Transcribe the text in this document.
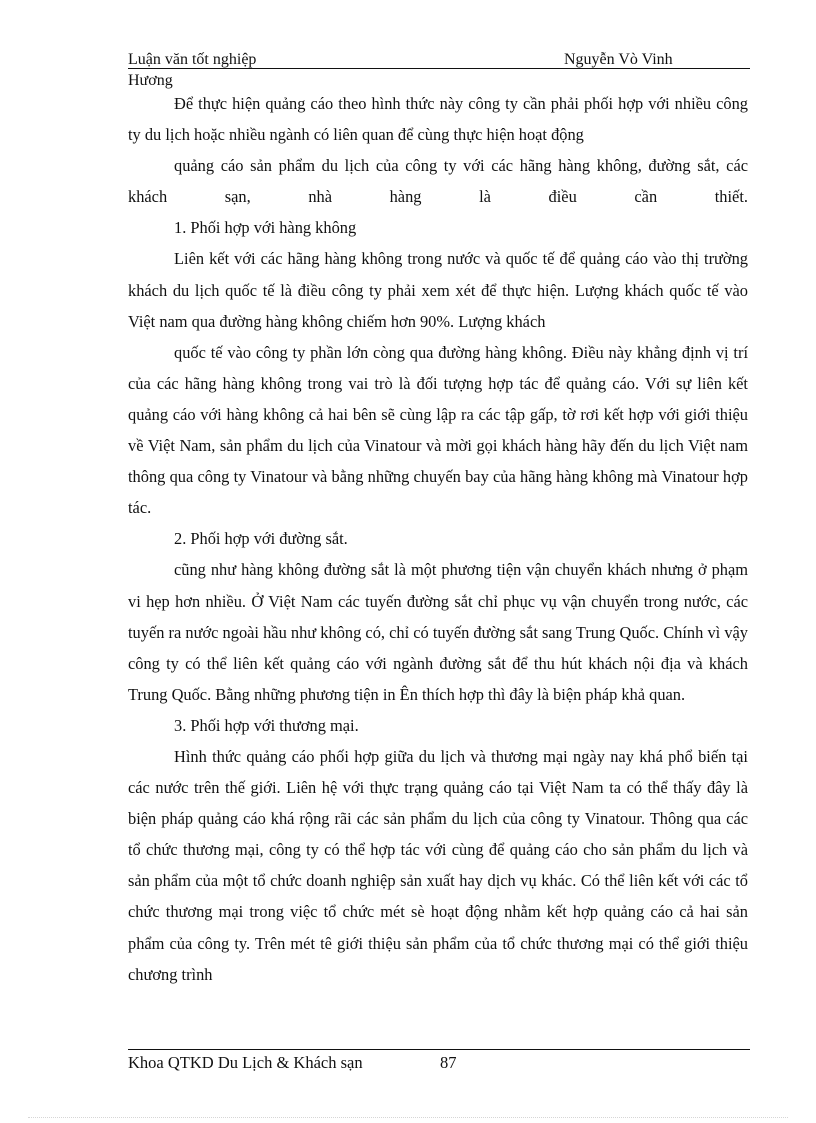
Luận văn tốt nghiệp	Nguyễn Vò Vinh
Hương

Để thực hiện quảng cáo theo hình thức này công ty cần phải phối hợp với nhiều công ty du lịch hoặc nhiều ngành có liên quan để cùng thực hiện hoạt động

quảng cáo sản phẩm du lịch của công ty với các hãng hàng không, đường sắt, các khách sạn, nhà hàng là điều cần thiết.

1. Phối hợp với hàng không

Liên kết với các hãng hàng không trong nước và quốc tế để quảng cáo vào thị trường khách du lịch quốc tế là điều công ty phải xem xét để thực hiện. Lượng khách quốc tế vào Việt nam qua đường hàng không chiếm hơn 90%. Lượng khách

quốc tế vào công ty phần lớn còng qua đường hàng không. Điều này khẳng định vị trí của các hãng hàng không trong vai trò là đối tượng hợp tác để quảng cáo. Với sự liên kết quảng cáo với hàng không cả hai bên sẽ cùng lập ra các tập gấp, tờ rơi kết hợp với giới thiệu về Việt Nam, sản phẩm du lịch của Vinatour và mời gọi khách hàng hãy đến du lịch Việt nam thông qua công ty Vinatour và bằng những chuyến bay của hãng hàng không mà Vinatour hợp tác.

2. Phối hợp với đường sắt.

cũng như hàng không đường sắt là một phương tiện vận chuyển khách nhưng ở phạm vi hẹp hơn nhiều. Ở Việt Nam các tuyến đường sắt chỉ phục vụ vận chuyển trong nước, các tuyến ra nước ngoài hầu như không có, chỉ có tuyến đường sắt sang Trung Quốc. Chính vì vậy công ty có thể liên kết quảng cáo với ngành đường sắt để thu hút khách nội địa và khách Trung Quốc. Bằng những phương tiện in Ên thích hợp thì đây là biện pháp khả quan.

3. Phối hợp với thương mại.

Hình thức quảng cáo phối hợp giữa du lịch và thương mại ngày nay khá phổ biến tại các nước trên thế giới. Liên hệ với thực trạng quảng cáo tại Việt Nam ta có thể thấy đây là biện pháp quảng cáo khá rộng rãi các sản phẩm du lịch của công ty Vinatour. Thông qua các tổ chức thương mại, công ty có thể hợp tác với cùng để quảng cáo cho sản phẩm du lịch và sản phẩm của một tổ chức doanh nghiệp sản xuất hay dịch vụ khác. Có thể liên kết với các tổ chức thương mại trong việc tổ chức mét sè hoạt động nhằm kết hợp quảng cáo cả hai sản phẩm của công ty. Trên mét tê giới thiệu sản phẩm của tổ chức thương mại có thể giới thiệu chương trình

Khoa QTKD Du Lịch & Khách sạn	87
